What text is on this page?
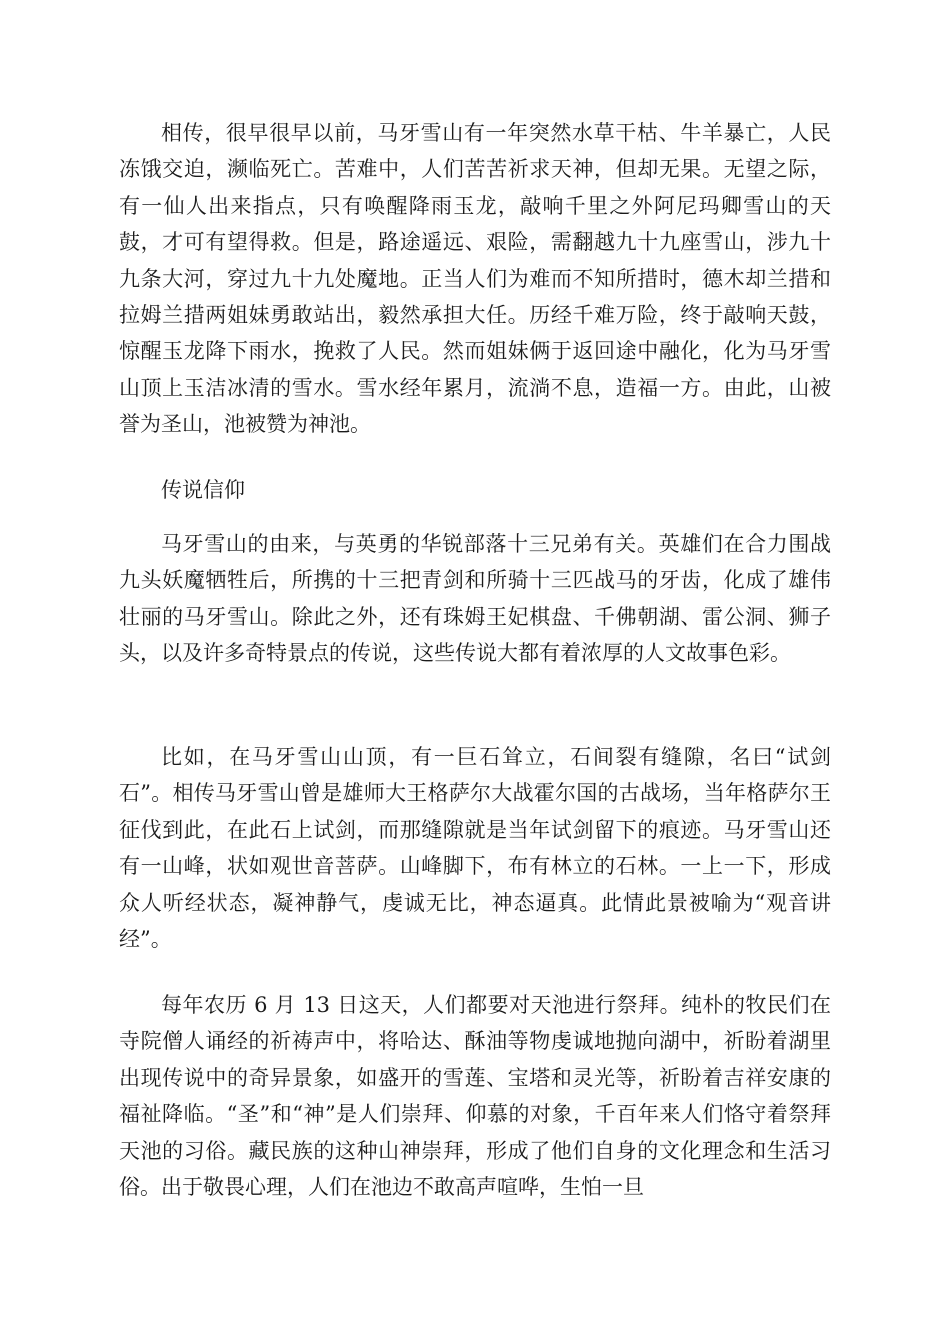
相传，很早很早以前，马牙雪山有一年突然水草干枯、牛羊暴亡，人民冻饿交迫，濒临死亡。苦难中，人们苦苦祈求天神，但却无果。无望之际，有一仙人出来指点，只有唤醒降雨玉龙，敲响千里之外阿尼玛卿雪山的天鼓，才可有望得救。但是，路途遥远、艰险，需翻越九十九座雪山，涉九十九条大河，穿过九十九处魔地。正当人们为难而不知所措时，德木却兰措和拉姆兰措两姐妹勇敢站出，毅然承担大任。历经千难万险，终于敲响天鼓，惊醒玉龙降下雨水，挽救了人民。然而姐妹俩于返回途中融化，化为马牙雪山顶上玉洁冰清的雪水。雪水经年累月，流淌不息，造福一方。由此，山被誉为圣山，池被赞为神池。

传说信仰

马牙雪山的由来，与英勇的华锐部落十三兄弟有关。英雄们在合力围战九头妖魔牺牲后，所携的十三把青剑和所骑十三匹战马的牙齿，化成了雄伟壮丽的马牙雪山。除此之外，还有珠姆王妃棋盘、千佛朝湖、雷公洞、狮子头，以及许多奇特景点的传说，这些传说大都有着浓厚的人文故事色彩。

比如，在马牙雪山山顶，有一巨石耸立，石间裂有缝隙，名曰“试剑石”。相传马牙雪山曾是雄师大王格萨尔大战霍尔国的古战场，当年格萨尔王征伐到此，在此石上试剑，而那缝隙就是当年试剑留下的痕迹。马牙雪山还有一山峰，状如观世音菩萨。山峰脚下，布有林立的石林。一上一下，形成众人听经状态，凝神静气，虔诚无比，神态逼真。此情此景被喻为“观音讲经”。

每年农历 6 月 13 日这天，人们都要对天池进行祭拜。纯朴的牧民们在寺院僧人诵经的祈祷声中，将哈达、酥油等物虔诚地抛向湖中，祈盼着湖里出现传说中的奇异景象，如盛开的雪莲、宝塔和灵光等，祈盼着吉祥安康的福祉降临。“圣”和“神”是人们崇拜、仰慕的对象，千百年来人们恪守着祭拜天池的习俗。藏民族的这种山神崇拜，形成了他们自身的文化理念和生活习俗。出于敬畏心理，人们在池边不敢高声喧哗，生怕一旦
